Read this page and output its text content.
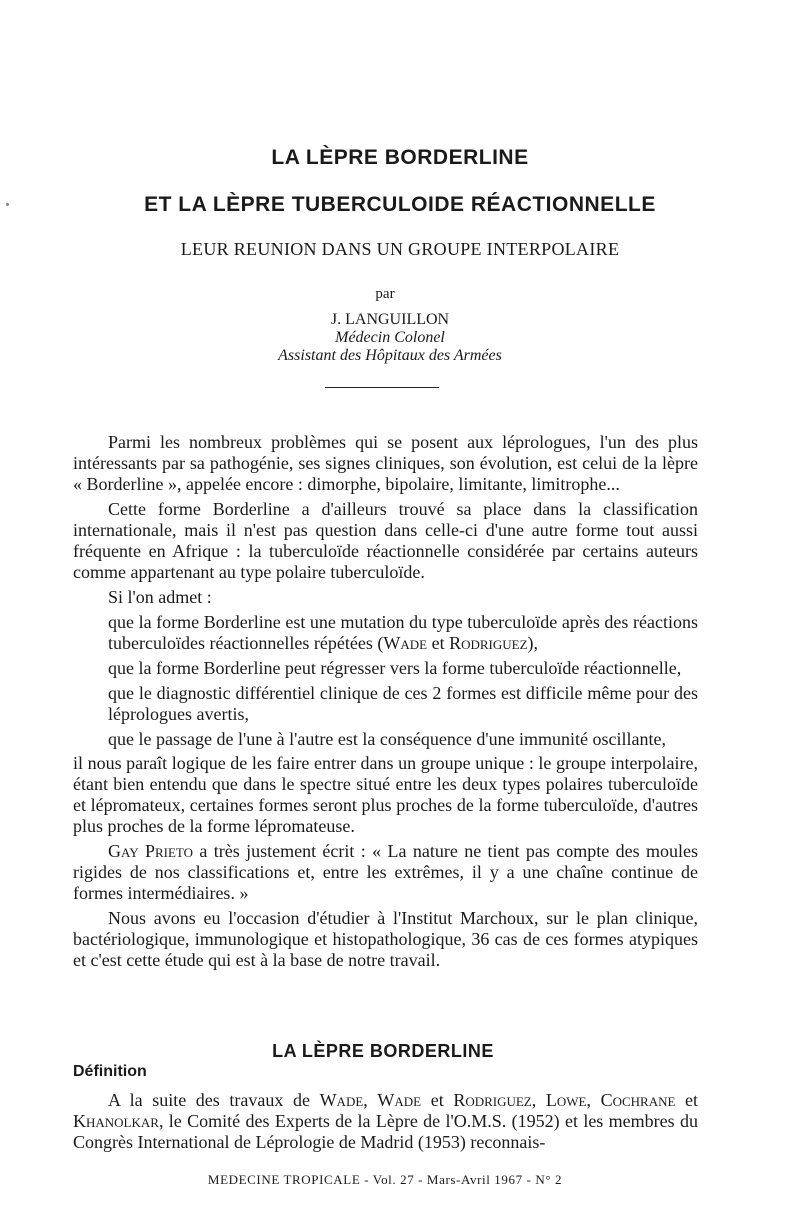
LA LÈPRE BORDERLINE
ET LA LÈPRE TUBERCULOIDE RÉACTIONNELLE
LEUR REUNION DANS UN GROUPE INTERPOLAIRE
par
J. LANGUILLON
Médecin Colonel
Assistant des Hôpitaux des Armées

Parmi les nombreux problèmes qui se posent aux léprologues, l'un des plus intéressants par sa pathogénie, ses signes cliniques, son évolution, est celui de la lèpre « Borderline », appelée encore : dimorphe, bipolaire, limitante, limitrophe...

Cette forme Borderline a d'ailleurs trouvé sa place dans la classification internationale, mais il n'est pas question dans celle-ci d'une autre forme tout aussi fréquente en Afrique : la tuberculoïde réactionnelle considérée par certains auteurs comme appartenant au type polaire tuberculoïde.

Si l'on admet :

que la forme Borderline est une mutation du type tuberculoïde après des réactions tuberculoïdes réactionnelles répétées (Wade et Rodriguez),

que la forme Borderline peut régresser vers la forme tuberculoïde réactionnelle,

que le diagnostic différentiel clinique de ces 2 formes est difficile même pour des léprologues avertis,

que le passage de l'une à l'autre est la conséquence d'une immunité oscillante,

il nous paraît logique de les faire entrer dans un groupe unique : le groupe interpolaire, étant bien entendu que dans le spectre situé entre les deux types polaires tuberculoïde et lépromateux, certaines formes seront plus proches de la forme tuberculoïde, d'autres plus proches de la forme lépromateuse.

Gay Prieto a très justement écrit : « La nature ne tient pas compte des moules rigides de nos classifications et, entre les extrêmes, il y a une chaîne continue de formes intermédiaires. »

Nous avons eu l'occasion d'étudier à l'Institut Marchoux, sur le plan clinique, bactériologique, immunologique et histopathologique, 36 cas de ces formes atypiques et c'est cette étude qui est à la base de notre travail.

LA LÈPRE BORDERLINE
Définition

A la suite des travaux de Wade, Wade et Rodriguez, Lowe, Cochrane et Khanolkar, le Comité des Experts de la Lèpre de l'O.M.S. (1952) et les membres du Congrès International de Léprologie de Madrid (1953) reconnais-

MEDECINE TROPICALE - Vol. 27 - Mars-Avril 1967 - N° 2
